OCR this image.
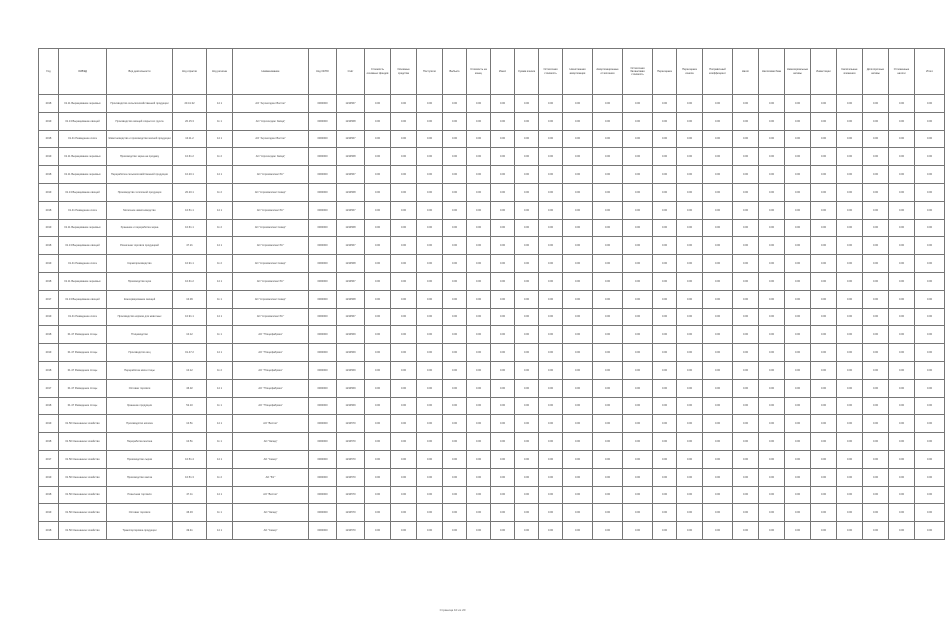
Год	ОКВЭД	Вид деятельности	Код отрасли	Код региона	Наименование	Код ОКПО	Счёт	Стоимость основных фондов	Основные средства	Поступило	Выбыло	Стоимость на конец	Износ	Сумма износа	Остаточная стоимость	Начисленная амортизация	Амортизационные отчисления	Остаточная балансовая стоимость	Переоценка	Переоценка износа	Поправочный коэффициент	Налог	Налоговая база	Нематериальные активы	Инвестиции	Капитальные вложения	Долгосрочные активы	Отложенные налоги	Итого
2018	01.11 Выращивание зерновых	Производство сельскохозяйственной продукции	20.41.32	14 1	АО "Агрохолдинг Восток"	0000000	1234567	0.00	0.00	0.00	0.00	0.00	0.00	0.00	0.00	0.00	0.00	0.00	0.00	0.00	0.00	0.00	0.00	0.00	0.00	0.00	0.00	0.00	0.00
2019	01.13 Выращивание овощей	Производство овощей открытого грунта	20.15.3	11 1	АО "Агрохолдинг Запад"	0000000	1234568	0.00	0.00	0.00	0.00	0.00	0.00	0.00	0.00	0.00	0.00	0.00	0.00	0.00	0.00	0.00	0.00	0.00	0.00	0.00	0.00	0.00	0.00
2018	01.41 Разведение скота	Животноводство и производство мясной продукции	10.11.2	14 1	АО "Агрохолдинг Восток"	0000000	1234567	0.00	0.00	0.00	0.00	0.00	0.00	0.00	0.00	0.00	0.00	0.00	0.00	0.00	0.00	0.00	0.00	0.00	0.00	0.00	0.00	0.00	0.00
2019	01.11 Выращивание зерновых	Производство зерна на продажу	10.61.2	11 2	АО "Агрохолдинг Запад"	0000000	1234568	0.00	0.00	0.00	0.00	0.00	0.00	0.00	0.00	0.00	0.00	0.00	0.00	0.00	0.00	0.00	0.00	0.00	0.00	0.00	0.00	0.00	0.00
2018	01.11 Выращивание зерновых	Переработка сельскохозяйственной продукции	10.20.1	14 1	АО "Агрокомплекс Юг"	0000000	1234567	0.00	0.00	0.00	0.00	0.00	0.00	0.00	0.00	0.00	0.00	0.00	0.00	0.00	0.00	0.00	0.00	0.00	0.00	0.00	0.00	0.00	0.00
2019	01.13 Выращивание овощей	Производство тепличной продукции	20.20.1	11 2	АО "Агрокомплекс Север"	0000000	1234568	0.00	0.00	0.00	0.00	0.00	0.00	0.00	0.00	0.00	0.00	0.00	0.00	0.00	0.00	0.00	0.00	0.00	0.00	0.00	0.00	0.00	0.00
2018	01.41 Разведение скота	Молочное животноводство	10.51.1	14 1	АО "Агрокомплекс Юг"	0000000	1234567	0.00	0.00	0.00	0.00	0.00	0.00	0.00	0.00	0.00	0.00	0.00	0.00	0.00	0.00	0.00	0.00	0.00	0.00	0.00	0.00	0.00	0.00
2019	01.11 Выращивание зерновых	Хранение и переработка зерна	10.61.1	11 2	АО "Агрокомплекс Север"	0000000	1234568	0.00	0.00	0.00	0.00	0.00	0.00	0.00	0.00	0.00	0.00	0.00	0.00	0.00	0.00	0.00	0.00	0.00	0.00	0.00	0.00	0.00	0.00
2018	01.13 Выращивание овощей	Розничная торговля продукцией	47.21	14 1	АО "Агрокомплекс Юг"	0000000	1234567	0.00	0.00	0.00	0.00	0.00	0.00	0.00	0.00	0.00	0.00	0.00	0.00	0.00	0.00	0.00	0.00	0.00	0.00	0.00	0.00	0.00	0.00
2019	01.41 Разведение скота	Кормопроизводство	10.91.1	11 2	АО "Агрокомплекс Север"	0000000	1234568	0.00	0.00	0.00	0.00	0.00	0.00	0.00	0.00	0.00	0.00	0.00	0.00	0.00	0.00	0.00	0.00	0.00	0.00	0.00	0.00	0.00	0.00
2018	01.11 Выращивание зерновых	Производство муки	10.61.2	14 1	АО "Агрокомплекс Юг"	0000000	1234567	0.00	0.00	0.00	0.00	0.00	0.00	0.00	0.00	0.00	0.00	0.00	0.00	0.00	0.00	0.00	0.00	0.00	0.00	0.00	0.00	0.00	0.00
2017	01.13 Выращивание овощей	Консервирование овощей	10.39	11 1	АО "Агрокомплекс Север"	0000000	1234568	0.00	0.00	0.00	0.00	0.00	0.00	0.00	0.00	0.00	0.00	0.00	0.00	0.00	0.00	0.00	0.00	0.00	0.00	0.00	0.00	0.00	0.00
2019	01.41 Разведение скота	Производство кормов для животных	10.91.1	14 1	АО "Агрокомплекс Юг"	0000000	1234567	0.00	0.00	0.00	0.00	0.00	0.00	0.00	0.00	0.00	0.00	0.00	0.00	0.00	0.00	0.00	0.00	0.00	0.00	0.00	0.00	0.00	0.00
2018	01.47 Разведение птицы	Птицеводство	10.12	11 1	АО "Птицефабрика"	0000000	1234569	0.00	0.00	0.00	0.00	0.00	0.00	0.00	0.00	0.00	0.00	0.00	0.00	0.00	0.00	0.00	0.00	0.00	0.00	0.00	0.00	0.00	0.00
2019	01.47 Разведение птицы	Производство яиц	01.47.2	14 1	АО "Птицефабрика"	0000000	1234569	0.00	0.00	0.00	0.00	0.00	0.00	0.00	0.00	0.00	0.00	0.00	0.00	0.00	0.00	0.00	0.00	0.00	0.00	0.00	0.00	0.00	0.00
2018	01.47 Разведение птицы	Переработка мяса птицы	10.12	11 2	АО "Птицефабрика"	0000000	1234569	0.00	0.00	0.00	0.00	0.00	0.00	0.00	0.00	0.00	0.00	0.00	0.00	0.00	0.00	0.00	0.00	0.00	0.00	0.00	0.00	0.00	0.00
2017	01.47 Разведение птицы	Оптовая торговля	46.32	14 1	АО "Птицефабрика"	0000000	1234569	0.00	0.00	0.00	0.00	0.00	0.00	0.00	0.00	0.00	0.00	0.00	0.00	0.00	0.00	0.00	0.00	0.00	0.00	0.00	0.00	0.00	0.00
2018	01.47 Разведение птицы	Хранение продукции	52.10	11 1	АО "Птицефабрика"	0000000	1234569	0.00	0.00	0.00	0.00	0.00	0.00	0.00	0.00	0.00	0.00	0.00	0.00	0.00	0.00	0.00	0.00	0.00	0.00	0.00	0.00	0.00	0.00
2019	01.50 Смешанное хозяйство	Производство молока	10.51	14 1	АО "Восток"	0000000	1234570	0.00	0.00	0.00	0.00	0.00	0.00	0.00	0.00	0.00	0.00	0.00	0.00	0.00	0.00	0.00	0.00	0.00	0.00	0.00	0.00	0.00	0.00
2018	01.50 Смешанное хозяйство	Переработка молока	10.51	11 1	АО "Запад"	0000000	1234570	0.00	0.00	0.00	0.00	0.00	0.00	0.00	0.00	0.00	0.00	0.00	0.00	0.00	0.00	0.00	0.00	0.00	0.00	0.00	0.00	0.00	0.00
2017	01.50 Смешанное хозяйство	Производство сыров	10.51.4	14 1	АО "Север"	0000000	1234570	0.00	0.00	0.00	0.00	0.00	0.00	0.00	0.00	0.00	0.00	0.00	0.00	0.00	0.00	0.00	0.00	0.00	0.00	0.00	0.00	0.00	0.00
2019	01.50 Смешанное хозяйство	Производство масла	10.51.3	11 2	АО "Юг"	0000000	1234570	0.00	0.00	0.00	0.00	0.00	0.00	0.00	0.00	0.00	0.00	0.00	0.00	0.00	0.00	0.00	0.00	0.00	0.00	0.00	0.00	0.00	0.00
2018	01.50 Смешанное хозяйство	Розничная торговля	47.11	14 1	АО "Восток"	0000000	1234570	0.00	0.00	0.00	0.00	0.00	0.00	0.00	0.00	0.00	0.00	0.00	0.00	0.00	0.00	0.00	0.00	0.00	0.00	0.00	0.00	0.00	0.00
2019	01.50 Смешанное хозяйство	Оптовая торговля	46.33	11 1	АО "Запад"	0000000	1234570	0.00	0.00	0.00	0.00	0.00	0.00	0.00	0.00	0.00	0.00	0.00	0.00	0.00	0.00	0.00	0.00	0.00	0.00	0.00	0.00	0.00	0.00
2018	01.50 Смешанное хозяйство	Транспортировка продукции	49.41	14 1	АО "Север"	0000000	1234570	0.00	0.00	0.00	0.00	0.00	0.00	0.00	0.00	0.00	0.00	0.00	0.00	0.00	0.00	0.00	0.00	0.00	0.00	0.00	0.00	0.00	0.00
Страница 10 из 20
